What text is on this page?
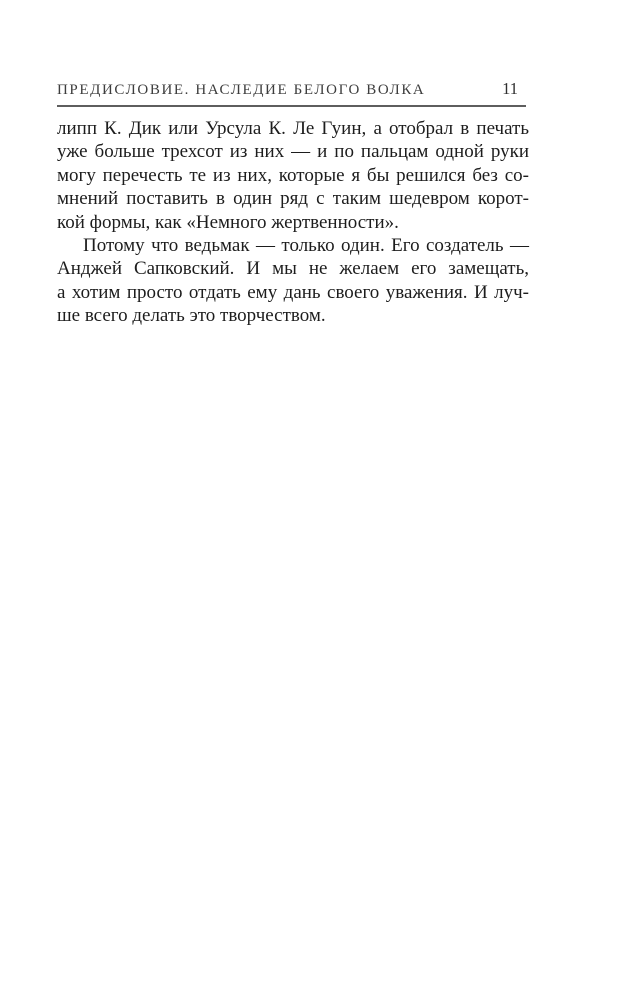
ПРЕДИСЛОВИЕ. НАСЛЕДИЕ БЕЛОГО ВОЛКА	11
липп К. Дик или Урсула К. Ле Гуин, а отобрал в печать
уже больше трехсот из них — и по пальцам одной руки
могу перечесть те из них, которые я бы решился без со-
мнений поставить в один ряд с таким шедевром корот-
кой формы, как «Немного жертвенности».
Потому что ведьмак — только один. Его создатель —
Анджей Сапковский. И мы не желаем его замещать,
а хотим просто отдать ему дань своего уважения. И луч-
ше всего делать это творчеством.
